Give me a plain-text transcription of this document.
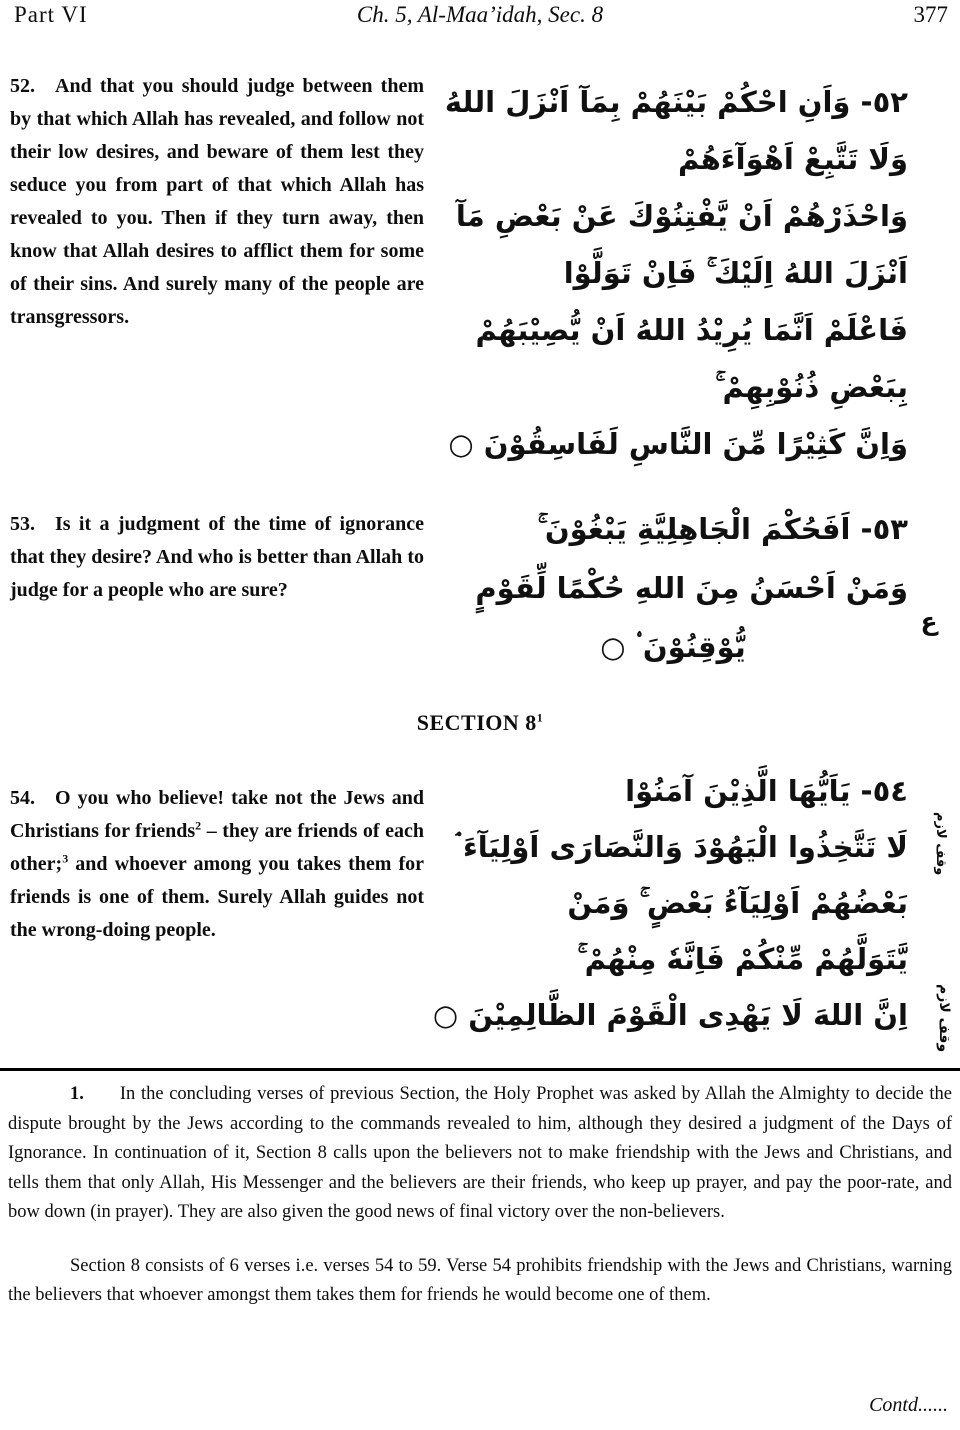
Part VI	Ch. 5, Al-Maa’idah, Sec. 8	377

52. And that you should judge between them by that which Allah has revealed, and follow not their low desires, and beware of them lest they seduce you from part of that which Allah has revealed to you. Then if they turn away, then know that Allah desires to afflict them for some of their sins. And surely many of the people are transgressors.

٥٢- وَاَنِ احْكُمْ بَيْنَهُمْ بِمَآ اَنْزَلَ اللهُ
وَلَا تَتَّبِعْ اَهْوَآءَهُمْ
وَاحْذَرْهُمْ اَنْ يَّفْتِنُوْكَ عَنْ بَعْضِ مَآ
اَنْزَلَ اللهُ اِلَيْكَ ۚ فَاِنْ تَوَلَّوْا
فَاعْلَمْ اَنَّمَا يُرِيْدُ اللهُ اَنْ يُّصِيْبَهُمْ
بِبَعْضِ ذُنُوْبِهِمْ ۚ
وَاِنَّ كَثِيْرًا مِّنَ النَّاسِ لَفَاسِقُوْنَ ○

53. Is it a judgment of the time of ignorance that they desire? And who is better than Allah to judge for a people who are sure?

٥٣- اَفَحُكْمَ الْجَاهِلِيَّةِ يَبْغُوْنَ ۚ
وَمَنْ اَحْسَنُ مِنَ اللهِ حُكْمًا لِّقَوْمٍ
يُّوْقِنُوْنَ ۟ ○
ع

SECTION $8^1$

54. O you who believe! take not the Jews and Christians for friends$^2$ – they are friends of each other;$^3$ and whoever among you takes them for friends is one of them. Surely Allah guides not the wrong-doing people.

٥٤- يَاَيُّهَا الَّذِيْنَ آمَنُوْا
لَا تَتَّخِذُوا الْيَهُوْدَ وَالنَّصَارَى اَوْلِيَآءَ ۘ
بَعْضُهُمْ اَوْلِيَآءُ بَعْضٍ ۚ وَمَنْ
يَّتَوَلَّهُمْ مِّنْكُمْ فَاِنَّهٗ مِنْهُمْ ۚ
اِنَّ اللهَ لَا يَهْدِى الْقَوْمَ الظَّالِمِيْنَ ○
وقف لازم
وقف لازم

1. In the concluding verses of previous Section, the Holy Prophet was asked by Allah the Almighty to decide the dispute brought by the Jews according to the commands revealed to him, although they desired a judgment of the Days of Ignorance. In continuation of it, Section 8 calls upon the believers not to make friendship with the Jews and Christians, and tells them that only Allah, His Messenger and the believers are their friends, who keep up prayer, and pay the poor-rate, and bow down (in prayer). They are also given the good news of final victory over the non-believers.

Section 8 consists of 6 verses i.e. verses 54 to 59. Verse 54 prohibits friendship with the Jews and Christians, warning the believers that whoever amongst them takes them for friends he would become one of them.

Contd......
